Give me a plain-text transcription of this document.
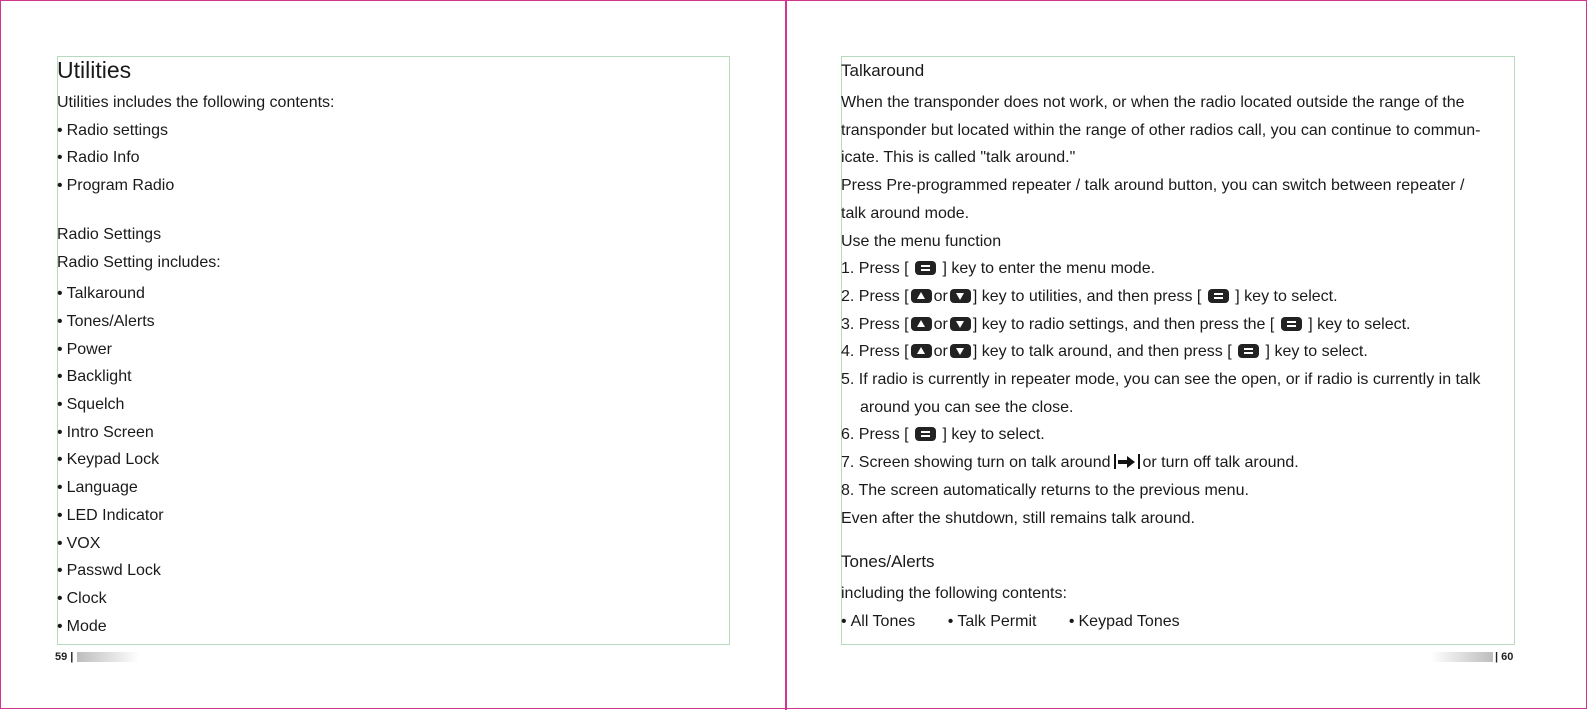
Utilities
Utilities includes the following contents:
• Radio settings
• Radio Info
• Program Radio
Radio Settings
Radio Setting includes:
• Talkaround
• Tones/Alerts
• Power
• Backlight
• Squelch
• Intro Screen
• Keypad Lock
• Language
• LED Indicator
• VOX
• Passwd Lock
• Clock
• Mode
59 |
Talkaround
When the transponder does not work, or when the radio located outside the range of the
transponder but located within the range of other radios call, you can continue to commun-
icate. This is called "talk around."
Press Pre-programmed repeater / talk around button, you can switch between repeater /
talk around mode.
Use the menu function
1. Press [ ] key to enter the menu mode.
2. Press [ or ] key to utilities, and then press [ ] key to select.
3. Press [ or ] key to radio settings, and then press the [ ] key to select.
4. Press [ or ] key to talk around, and then press [ ] key to select.
5. If radio is currently in repeater mode, you can see the open, or if radio is currently in talk
around you can see the close.
6. Press [ ] key to select.
7. Screen showing turn on talk around or turn off talk around.
8. The screen automatically returns to the previous menu.
Even after the shutdown, still remains talk around.
Tones/Alerts
including the following contents:
• All Tones	• Talk Permit	• Keypad Tones
| 60
